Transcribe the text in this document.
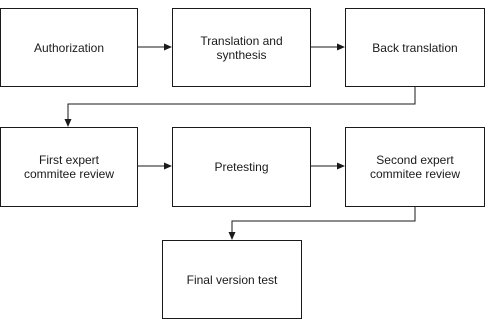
Authorization	Translation and
synthesis	Back translation
First expert
commitee review	Pretesting	Second expert
commitee review
Final version test
